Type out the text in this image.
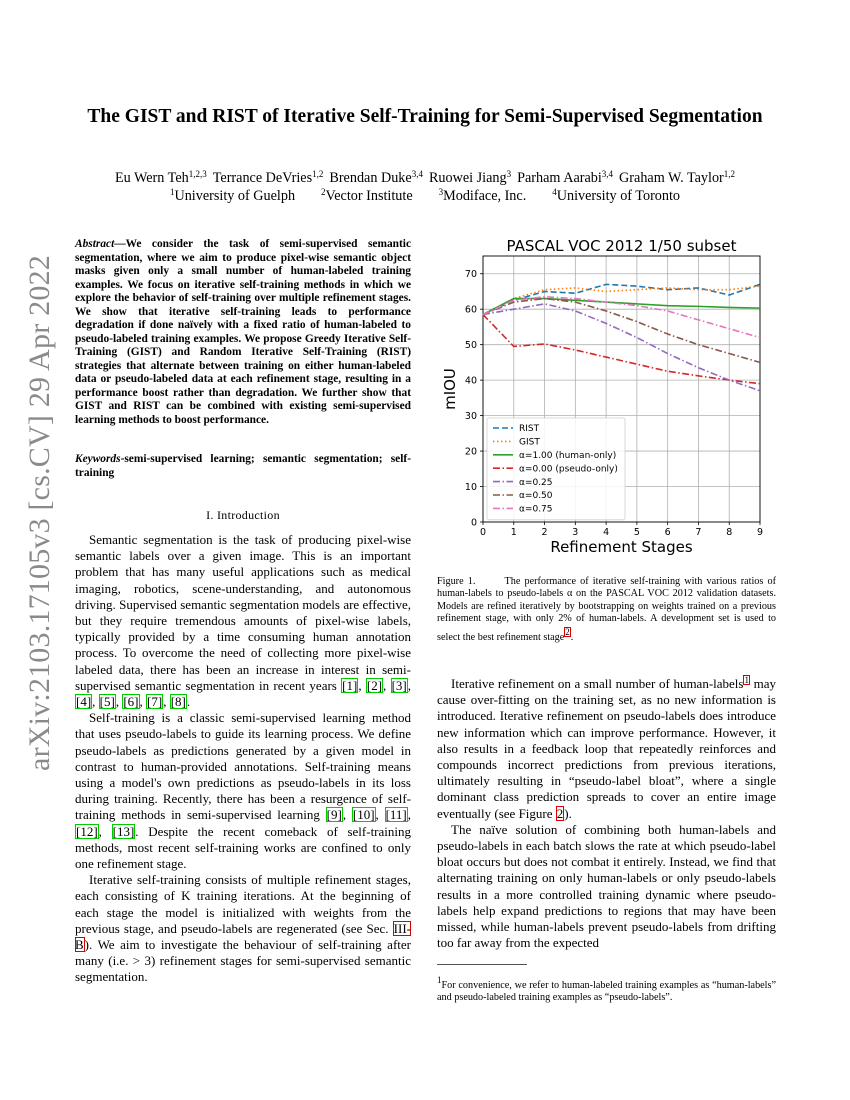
arXiv:2103.17105v3 [cs.CV] 29 Apr 2022
The GIST and RIST of Iterative Self-Training for Semi-Supervised Segmentation
Eu Wern Teh$^{1,2,3}$ Terrance DeVries$^{1,2}$ Brendan Duke$^{3,4}$ Ruowei Jiang$^3$ Parham Aarabi$^{3,4}$ Graham W. Taylor$^{1,2}$
$^1$University of Guelph	$^2$Vector Institute	$^3$Modiface, Inc.	$^4$University of Toronto
Abstract—We consider the task of semi-supervised semantic segmentation, where we aim to produce pixel-wise semantic object masks given only a small number of human-labeled training examples. We focus on iterative self-training methods in which we explore the behavior of self-training over multiple refinement stages. We show that iterative self-training leads to performance degradation if done naïvely with a fixed ratio of human-labeled to pseudo-labeled training examples. We propose Greedy Iterative Self-Training (GIST) and Random Iterative Self-Training (RIST) strategies that alternate between training on either human-labeled data or pseudo-labeled data at each refinement stage, resulting in a performance boost rather than degradation. We further show that GIST and RIST can be combined with existing semi-supervised learning methods to boost performance.
Keywords-semi-supervised learning; semantic segmentation; self-training
I. Introduction

Semantic segmentation is the task of producing pixel-wise semantic labels over a given image. This is an important problem that has many useful applications such as medical imaging, robotics, scene-understanding, and autonomous driving. Supervised semantic segmentation models are effective, but they require tremendous amounts of pixel-wise labels, typically provided by a time consuming human annotation process. To overcome the need of collecting more pixel-wise labeled data, there has been an increase in interest in semi-supervised semantic segmentation in recent years [1], [2], [3], [4], [5], [6], [7], [8].

Self-training is a classic semi-supervised learning method that uses pseudo-labels to guide its learning process. We define pseudo-labels as predictions generated by a given model in contrast to human-provided annotations. Self-training means using a model's own predictions as pseudo-labels in its loss during training. Recently, there has been a resurgence of self-training methods in semi-supervised learning [9], [10], [11], [12], [13]. Despite the recent comeback of self-training methods, most recent self-training works are confined to only one refinement stage.

Iterative self-training consists of multiple refinement stages, each consisting of K training iterations. At the beginning of each stage the model is initialized with weights from the previous stage, and pseudo-labels are regenerated (see Sec. III-B). We aim to investigate the behaviour of self-training after many (i.e. > 3) refinement stages for semi-supervised semantic segmentation.

0	1	2	3	4	5	6	7	8	9
0
10
20
30
40
50
60
70
PASCAL VOC 2012 1/50 subset
Refinement Stages
mIOU
RIST
GIST
α=1.00 (human-only)
α=0.00 (pseudo-only)
α=0.25
α=0.50
α=0.75
Figure 1.	The performance of iterative self-training with various ratios of human-labels to pseudo-labels α on the PASCAL VOC 2012 validation datasets. Models are refined iteratively by bootstrapping on weights trained on a previous refinement stage, with only 2% of human-labels. A development set is used to select the best refinement stage$^2$.

Iterative refinement on a small number of human-labels$^1$ may cause over-fitting on the training set, as no new information is introduced. Iterative refinement on pseudo-labels does introduce new information which can improve performance. However, it also results in a feedback loop that repeatedly reinforces and compounds incorrect predictions from previous iterations, ultimately resulting in “pseudo-label bloat”, where a single dominant class prediction spreads to cover an entire image eventually (see Figure 2).

The naïve solution of combining both human-labels and pseudo-labels in each batch slows the rate at which pseudo-label bloat occurs but does not combat it entirely. Instead, we find that alternating training on only human-labels or only pseudo-labels results in a more controlled training dynamic where pseudo-labels help expand predictions to regions that may have been missed, while human-labels prevent pseudo-labels from drifting too far away from the expected

$^1$For convenience, we refer to human-labeled training examples as “human-labels” and pseudo-labeled training examples as “pseudo-labels”.
